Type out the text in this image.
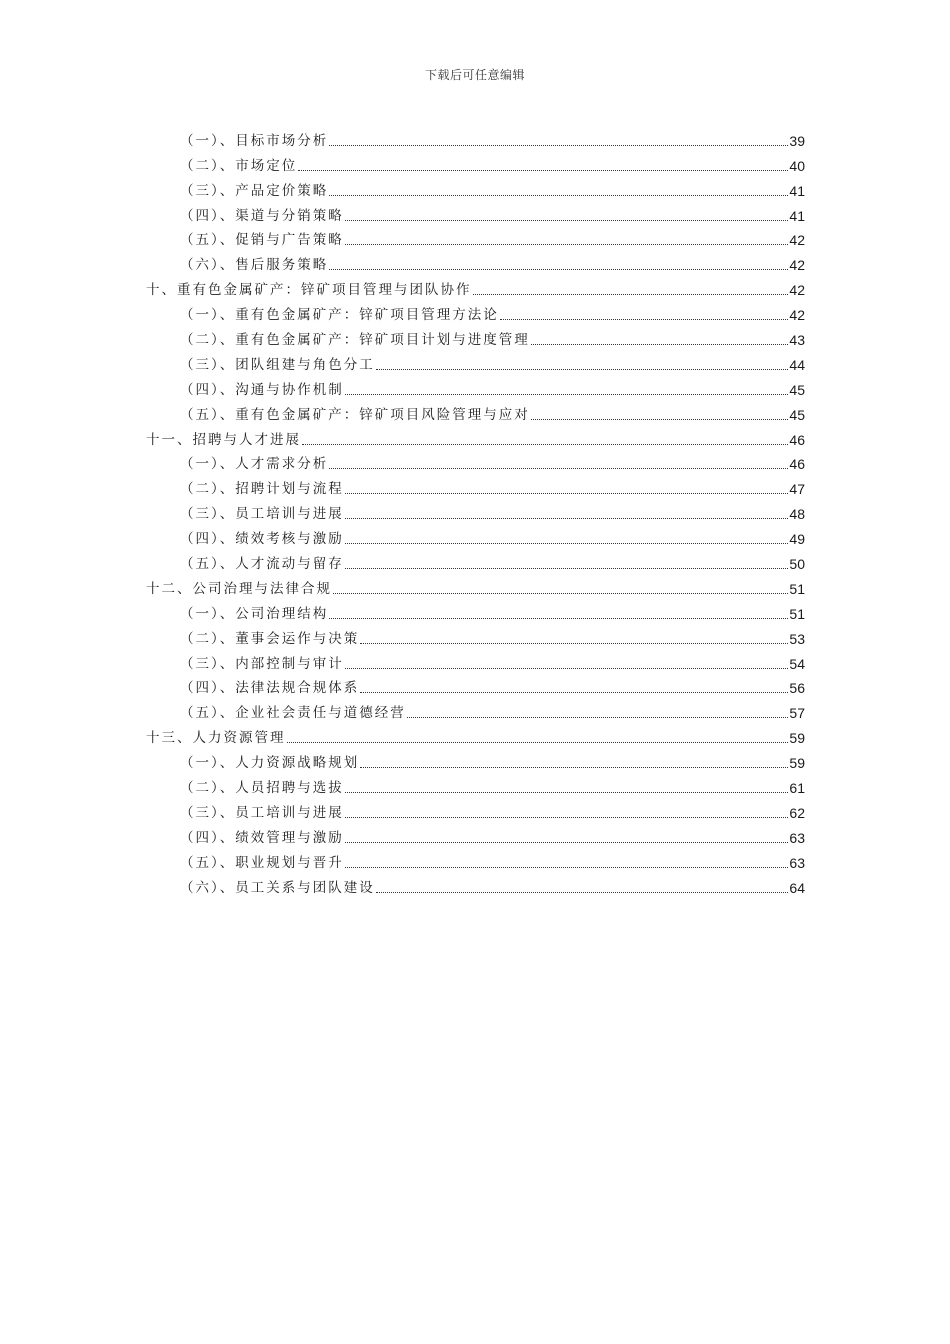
下载后可任意编辑
（一）、目标市场分析	39
（二）、市场定位	40
（三）、产品定价策略	41
（四）、渠道与分销策略	41
（五）、促销与广告策略	42
（六）、售后服务策略	42
十、重有色金属矿产：锌矿项目管理与团队协作	42
（一）、重有色金属矿产：锌矿项目管理方法论	42
（二）、重有色金属矿产：锌矿项目计划与进度管理	43
（三）、团队组建与角色分工	44
（四）、沟通与协作机制	45
（五）、重有色金属矿产：锌矿项目风险管理与应对	45
十一、招聘与人才进展	46
（一）、人才需求分析	46
（二）、招聘计划与流程	47
（三）、员工培训与进展	48
（四）、绩效考核与激励	49
（五）、人才流动与留存	50
十二、公司治理与法律合规	51
（一）、公司治理结构	51
（二）、董事会运作与决策	53
（三）、内部控制与审计	54
（四）、法律法规合规体系	56
（五）、企业社会责任与道德经营	57
十三、人力资源管理	59
（一）、人力资源战略规划	59
（二）、人员招聘与选拔	61
（三）、员工培训与进展	62
（四）、绩效管理与激励	63
（五）、职业规划与晋升	63
（六）、员工关系与团队建设	64
